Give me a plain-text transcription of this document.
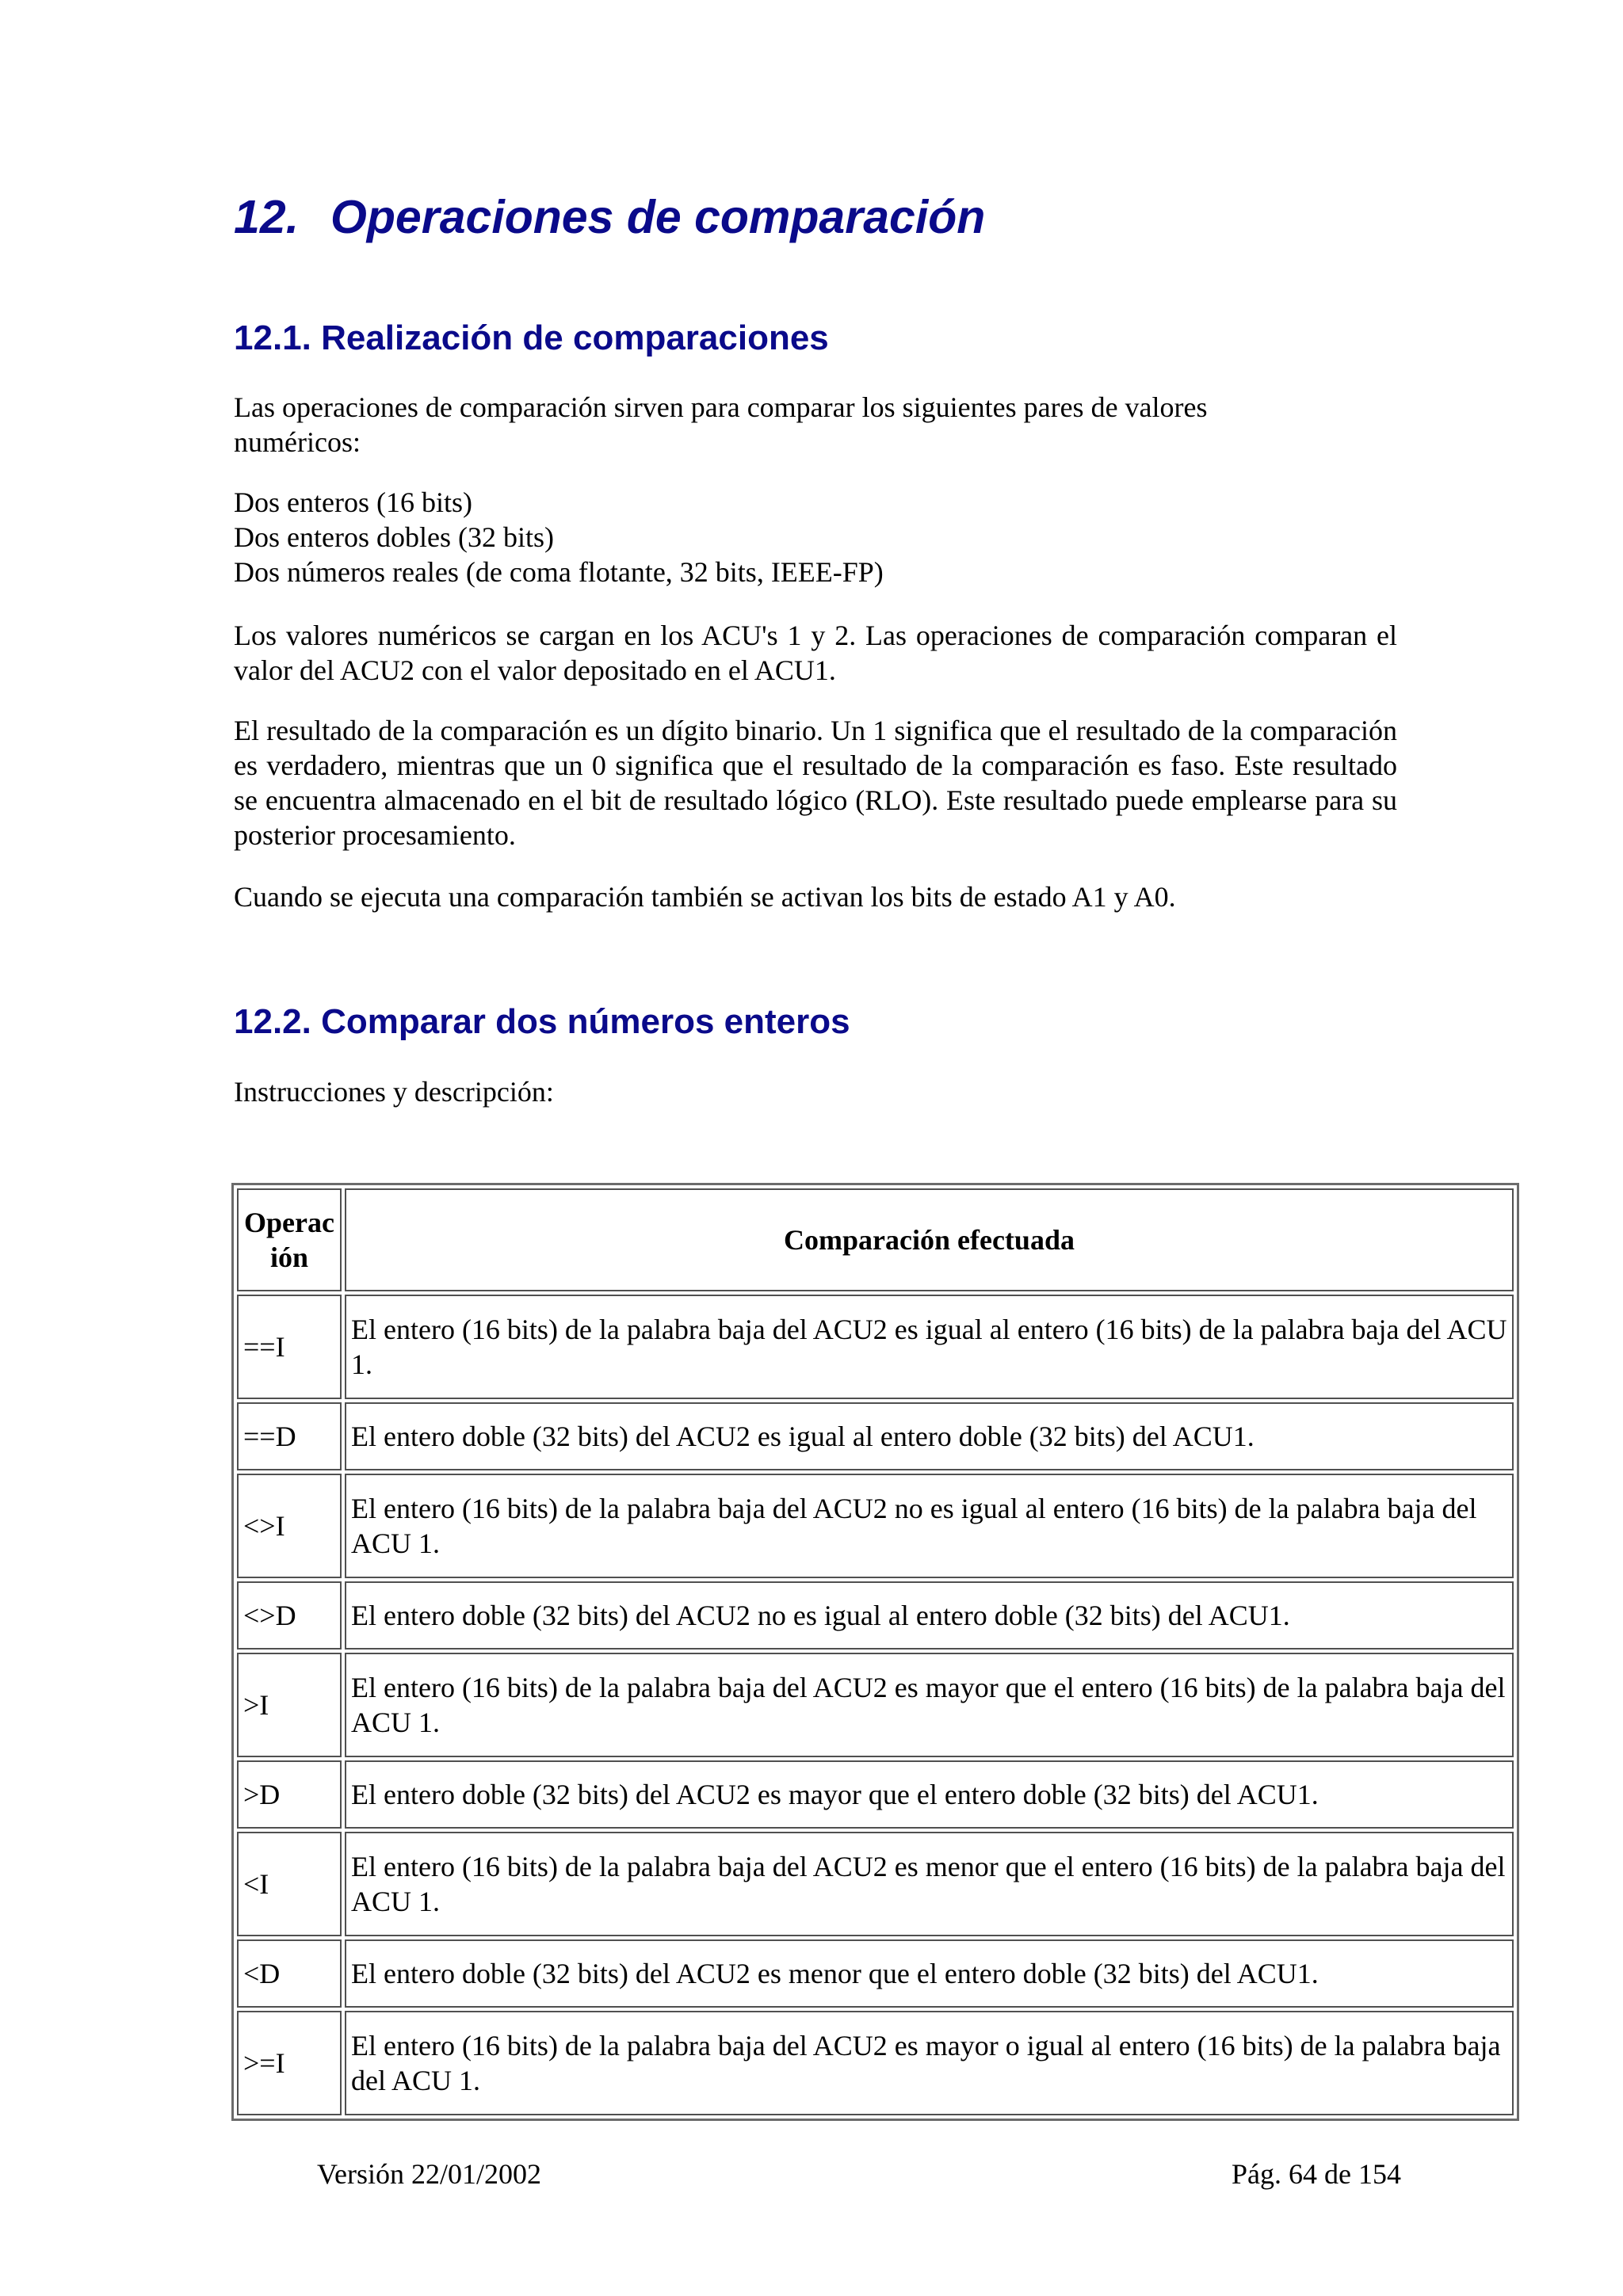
12. Operaciones de comparación
12.1. Realización de comparaciones

Las operaciones de comparación sirven para comparar los siguientes pares de valores numéricos:

Dos enteros (16 bits)
Dos enteros dobles (32 bits)
Dos números reales (de coma flotante, 32 bits, IEEE-FP)

Los valores numéricos se cargan en los ACU's 1 y 2. Las operaciones de comparación comparan el valor del ACU2 con el valor depositado en el ACU1.

El resultado de la comparación es un dígito binario. Un 1 significa que el resultado de la comparación es verdadero, mientras que un 0 significa que el resultado de la comparación es faso. Este resultado se encuentra almacenado en el bit de resultado lógico (RLO). Este resultado puede emplearse para su posterior procesamiento.

Cuando se ejecuta una comparación también se activan los bits de estado A1 y A0.

12.2. Comparar dos números enteros

Instrucciones y descripción:

Operac
ión	Comparación efectuada
==I	El entero (16 bits) de la palabra baja del ACU2 es igual al entero (16 bits) de la palabra baja del ACU 1.
==D	El entero doble (32 bits) del ACU2 es igual al entero doble (32 bits) del ACU1.
<>I	El entero (16 bits) de la palabra baja del ACU2 no es igual al entero (16 bits) de la palabra baja del ACU 1.
<>D	El entero doble (32 bits) del ACU2 no es igual al entero doble (32 bits) del ACU1.
>I	El entero (16 bits) de la palabra baja del ACU2 es mayor que el entero (16 bits) de la palabra baja del ACU 1.
>D	El entero doble (32 bits) del ACU2 es mayor que el entero doble (32 bits) del ACU1.
<I	El entero (16 bits) de la palabra baja del ACU2 es menor que el entero (16 bits) de la palabra baja del ACU 1.
<D	El entero doble (32 bits) del ACU2 es menor que el entero doble (32 bits) del ACU1.
>=I	El entero (16 bits) de la palabra baja del ACU2 es mayor o igual al entero (16 bits) de la palabra baja del ACU 1.
Versión 22/01/2002	Pág. 64 de 154
